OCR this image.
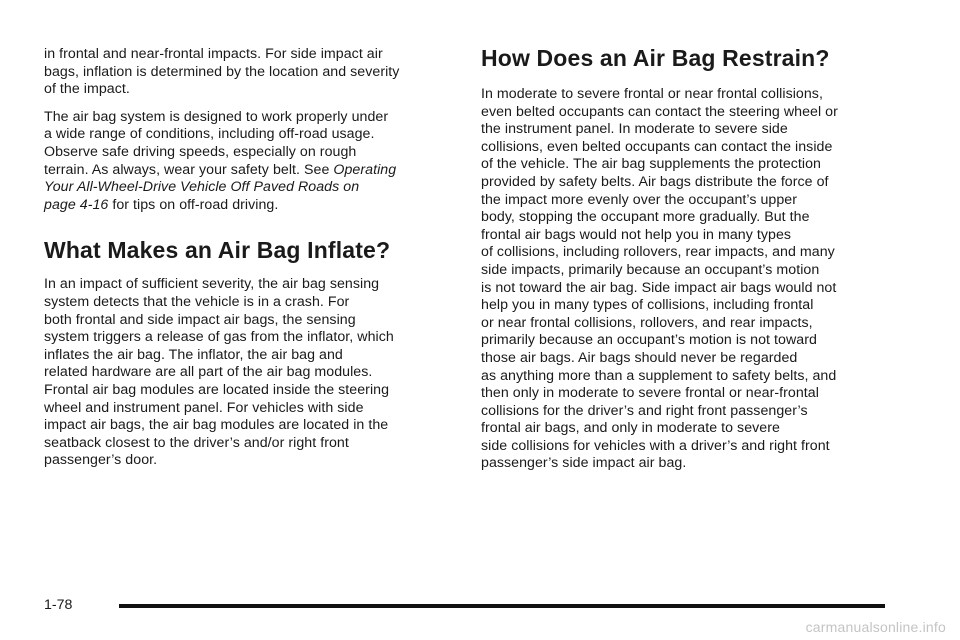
in frontal and near-frontal impacts. For side impact air
bags, inflation is determined by the location and severity
of the impact.

The air bag system is designed to work properly under
a wide range of conditions, including off-road usage.
Observe safe driving speeds, especially on rough
terrain. As always, wear your safety belt. See Operating
Your All-Wheel-Drive Vehicle Off Paved Roads on
page 4-16 for tips on off-road driving.

What Makes an Air Bag Inflate?

In an impact of sufficient severity, the air bag sensing
system detects that the vehicle is in a crash. For
both frontal and side impact air bags, the sensing
system triggers a release of gas from the inflator, which
inflates the air bag. The inflator, the air bag and
related hardware are all part of the air bag modules.
Frontal air bag modules are located inside the steering
wheel and instrument panel. For vehicles with side
impact air bags, the air bag modules are located in the
seatback closest to the driver’s and/or right front
passenger’s door.

How Does an Air Bag Restrain?

In moderate to severe frontal or near frontal collisions,
even belted occupants can contact the steering wheel or
the instrument panel. In moderate to severe side
collisions, even belted occupants can contact the inside
of the vehicle. The air bag supplements the protection
provided by safety belts. Air bags distribute the force of
the impact more evenly over the occupant’s upper
body, stopping the occupant more gradually. But the
frontal air bags would not help you in many types
of collisions, including rollovers, rear impacts, and many
side impacts, primarily because an occupant’s motion
is not toward the air bag. Side impact air bags would not
help you in many types of collisions, including frontal
or near frontal collisions, rollovers, and rear impacts,
primarily because an occupant’s motion is not toward
those air bags. Air bags should never be regarded
as anything more than a supplement to safety belts, and
then only in moderate to severe frontal or near-frontal
collisions for the driver’s and right front passenger’s
frontal air bags, and only in moderate to severe
side collisions for vehicles with a driver’s and right front
passenger’s side impact air bag.

1-78
carmanualsonline.info
